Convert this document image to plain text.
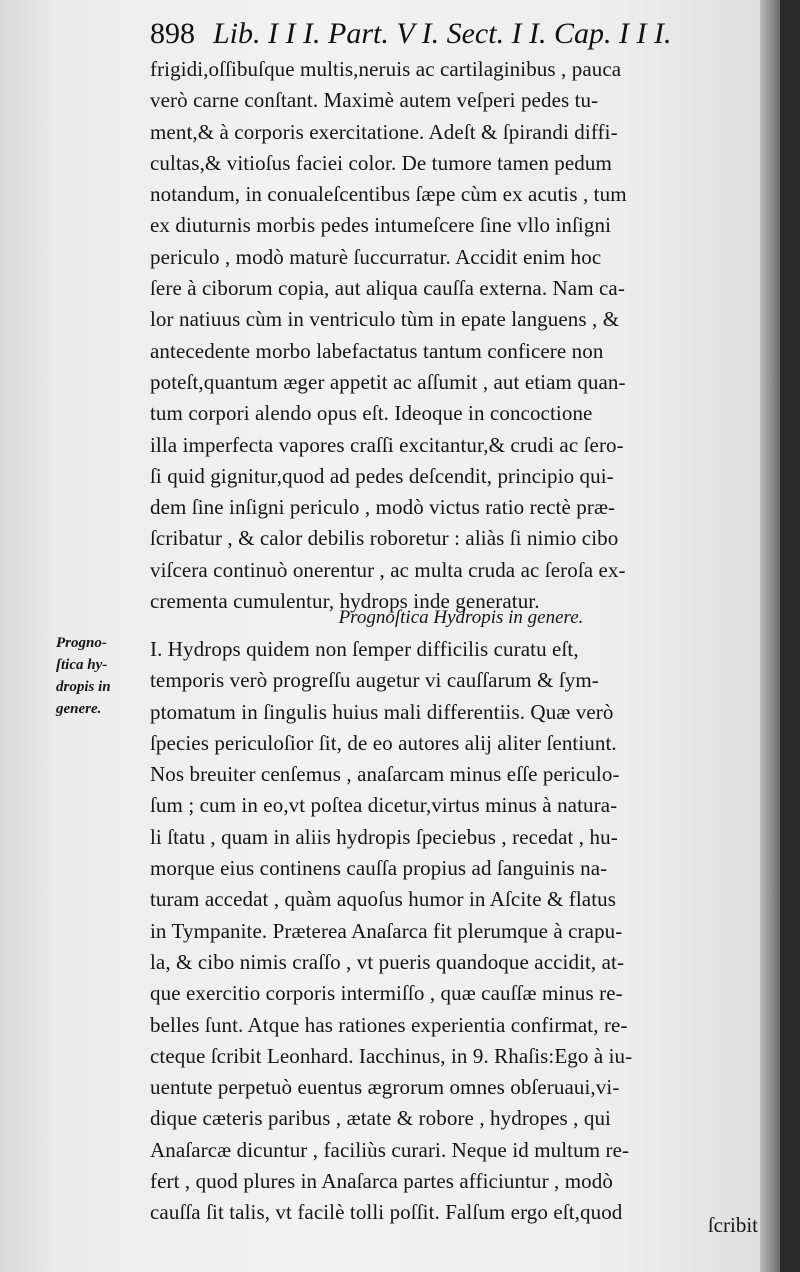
898 Lib. I I I. Part. V I. Sect. I I. Cap. I I I.
frigidi,oſſibuſque multis,neruis ac cartilaginibus , pauca
verò carne conſtant. Maximè autem veſperi pedes tu-
ment,& à corporis exercitatione. Adeſt & ſpirandi diffi-
cultas,& vitioſus faciei color. De tumore tamen pedum
notandum, in conualeſcentibus ſæpe cùm ex acutis , tum
ex diuturnis morbis pedes intumeſcere ſine vllo inſigni
periculo , modò maturè ſuccurratur. Accidit enim hoc
ſere à ciborum copia, aut aliqua cauſſa externa. Nam ca-
lor natiuus cùm in ventriculo tùm in epate languens , &
antecedente morbo labefactatus tantum conficere non
poteſt,quantum æger appetit ac aſſumit , aut etiam quan-
tum corpori alendo opus eſt. Ideoque in concoctione
illa imperfecta vapores craſſi excitantur,& crudi ac ſero-
ſi quid gignitur,quod ad pedes deſcendit, principio qui-
dem ſine inſigni periculo , modò victus ratio rectè præ-
ſcribatur , & calor debilis roboretur : aliàs ſi nimio cibo
viſcera continuò onerentur , ac multa cruda ac ſeroſa ex-
crementa cumulentur, hydrops inde generatur.
Prognoſtica Hydropis in genere.
Progno-
ſtica hy-
dropis in
genere.
I. Hydrops quidem non ſemper difficilis curatu eſt,
temporis verò progreſſu augetur vi cauſſarum & ſym-
ptomatum in ſingulis huius mali differentiis. Quæ verò
ſpecies periculoſior ſit, de eo autores alij aliter ſentiunt.
Nos breuiter cenſemus , anaſarcam minus eſſe periculo-
ſum ; cum in eo,vt poſtea dicetur,virtus minus à natura-
li ſtatu , quam in aliis hydropis ſpeciebus , recedat , hu-
morque eius continens cauſſa propius ad ſanguinis na-
turam accedat , quàm aquoſus humor in Aſcite & flatus
in Tympanite. Præterea Anaſarca fit plerumque à crapu-
la, & cibo nimis craſſo , vt pueris quandoque accidit, at-
que exercitio corporis intermiſſo , quæ cauſſæ minus re-
belles ſunt. Atque has rationes experientia confirmat, re-
cteque ſcribit Leonhard. Iacchinus, in 9. Rhaſis:Ego à iu-
uentute perpetuò euentus ægrorum omnes obſeruaui,vi-
dique cæteris paribus , ætate & robore , hydropes , qui
Anaſarcæ dicuntur , faciliùs curari. Neque id multum re-
fert , quod plures in Anaſarca partes afficiuntur , modò
cauſſa ſit talis, vt facilè tolli poſſit. Falſum ergo eſt,quod
ſcribit
